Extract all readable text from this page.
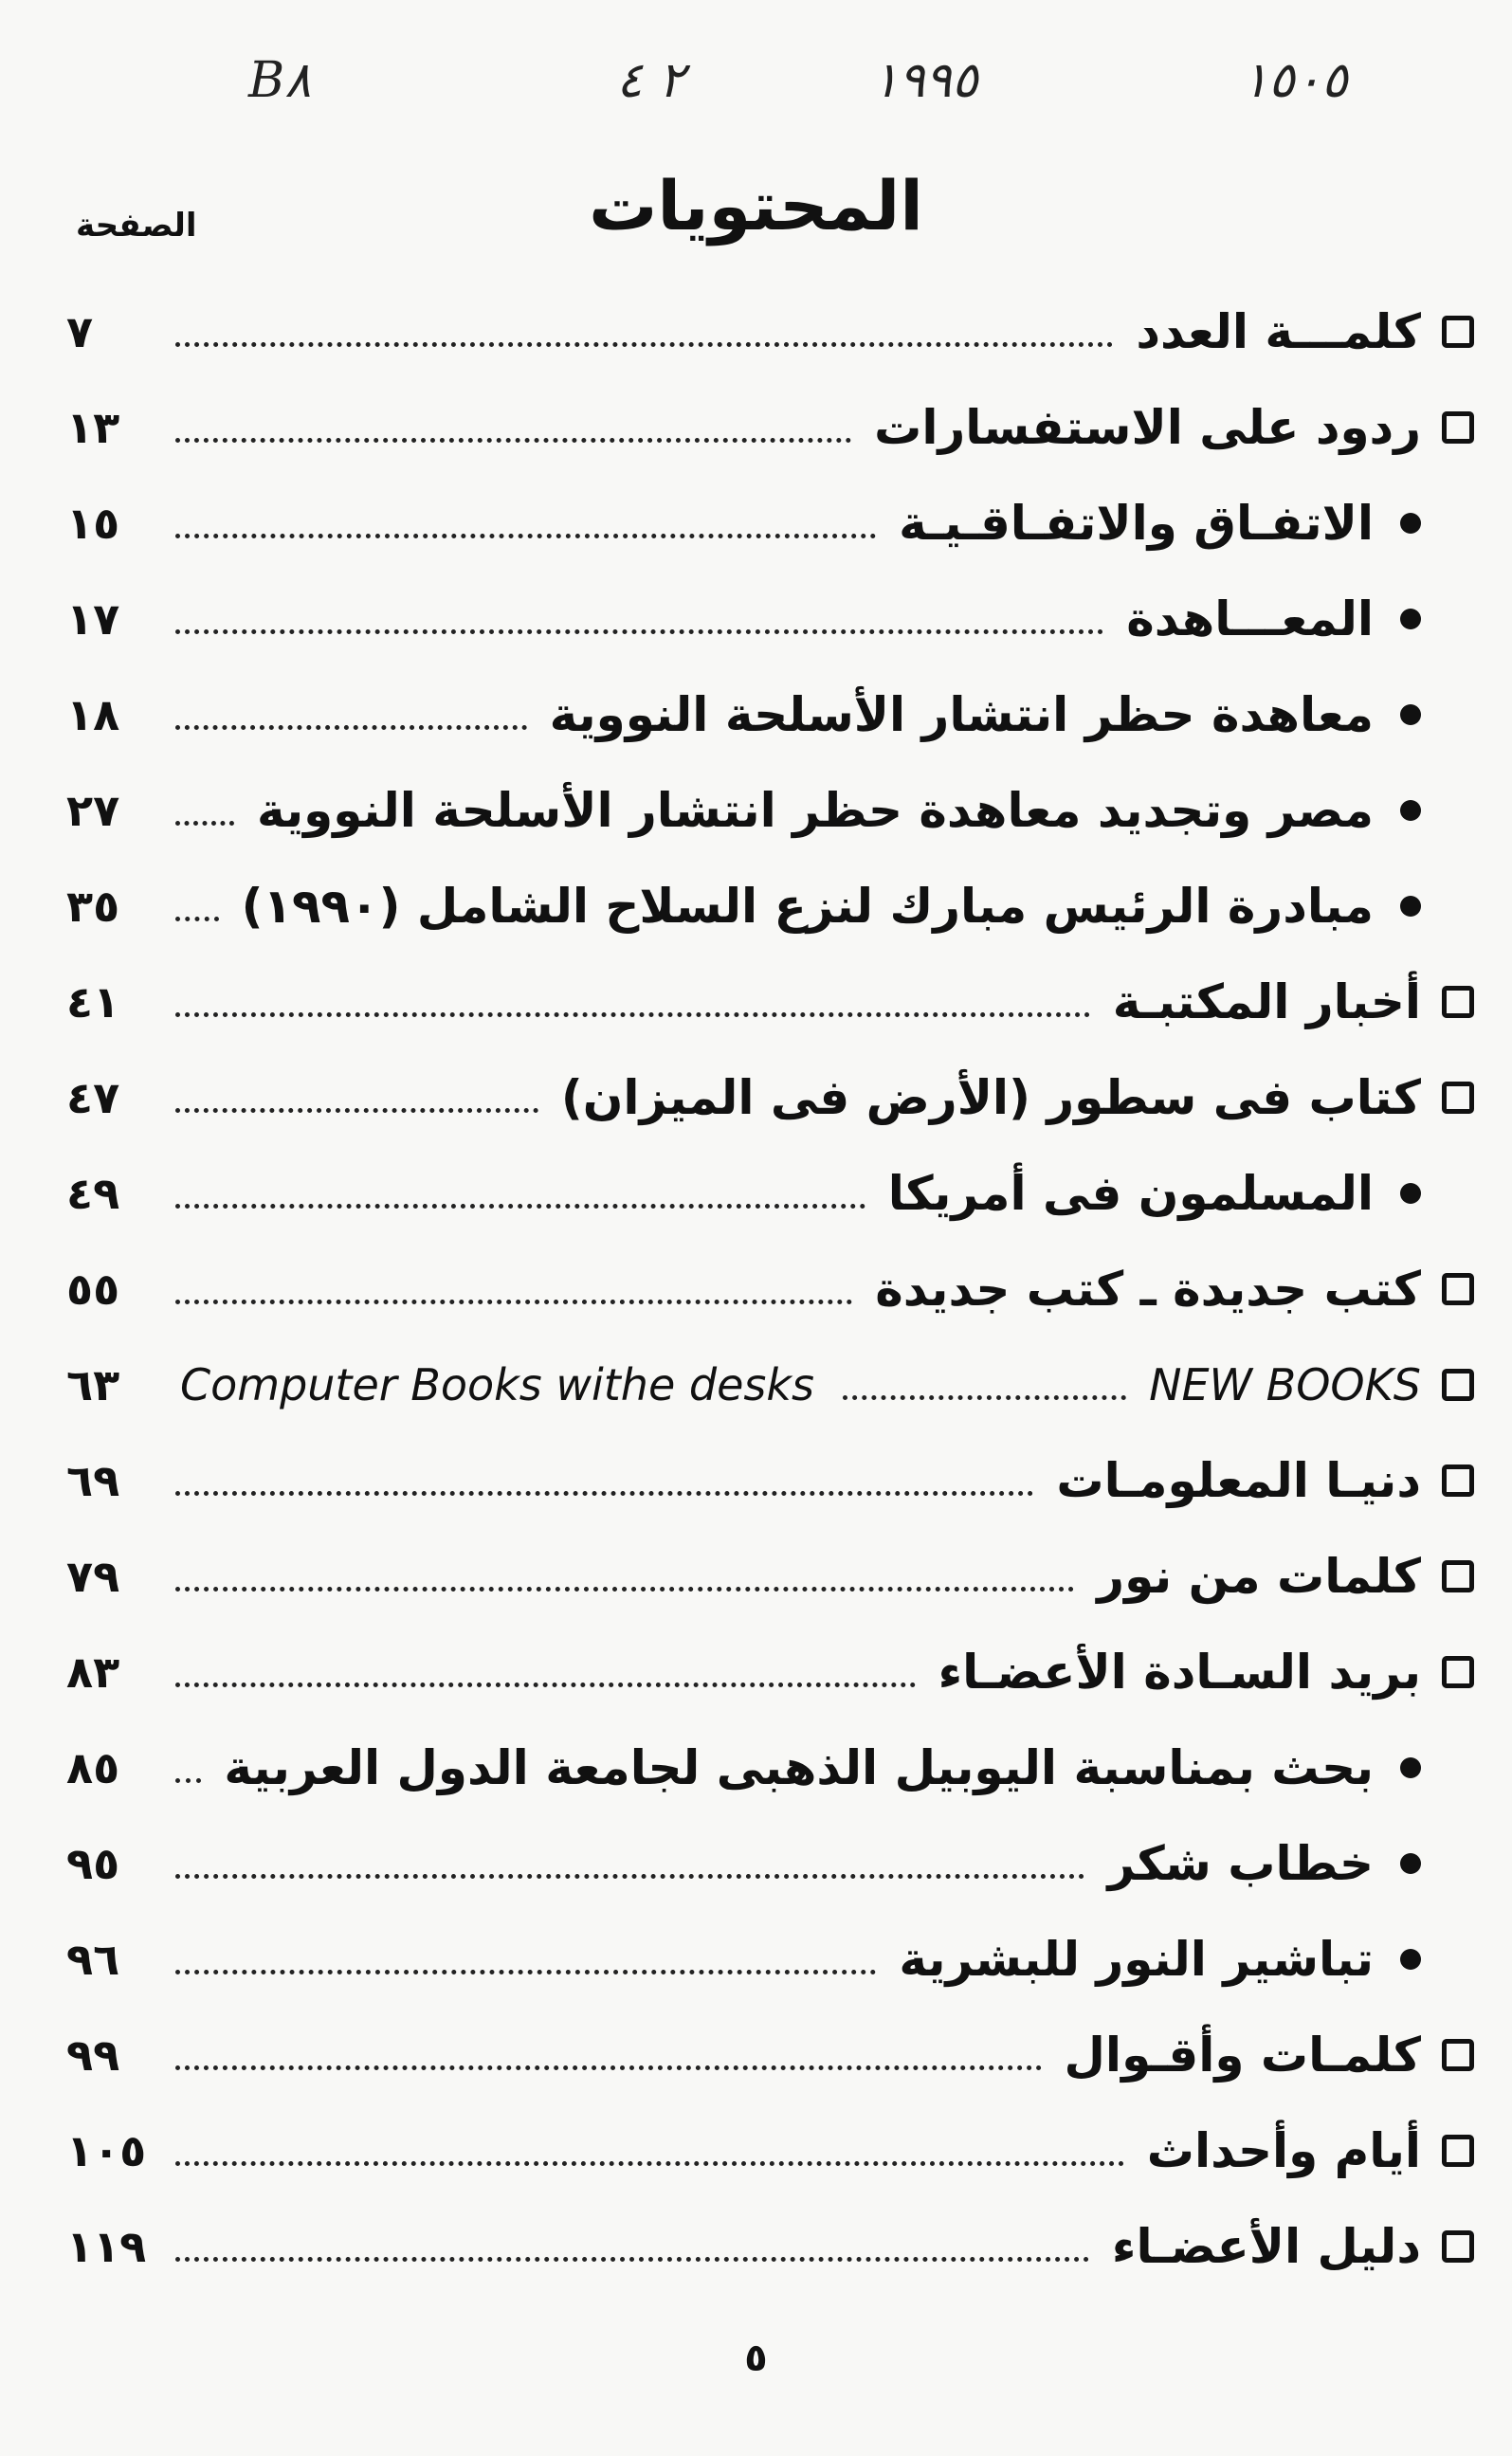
B٨	٢ ٤	١٩٩٥	١٥٠٥
المحتويات
الصفحة
٧	كلمـــة العدد
١٣	ردود على الاستفسارات
١٥	الاتفـاق والاتفـاقـيـة
١٧	المعـــاهدة
١٨	معاهدة حظر انتشار الأسلحة النووية
٢٧	مصر وتجديد معاهدة حظر انتشار الأسلحة النووية
٣٥	مبادرة الرئيس مبارك لنزع السلاح الشامل (١٩٩٠)
٤١	أخبار المكتبـة
٤٧	كتاب فى سطور (الأرض فى الميزان)
٤٩	المسلمون فى أمريكا
٥٥	كتب جديدة ـ كتب جديدة
٦٣	Computer Books withe desks	NEW BOOKS
٦٩	دنيـا المعلومـات
٧٩	كلمات من نور
٨٣	بريد السـادة الأعضـاء
٨٥	بحث بمناسبة اليوبيل الذهبى لجامعة الدول العربية
٩٥	خطاب شكر
٩٦	تباشير النور للبشرية
٩٩	كلمـات وأقـوال
١٠٥	أيام وأحداث
١١٩	دليل الأعضـاء
٥
